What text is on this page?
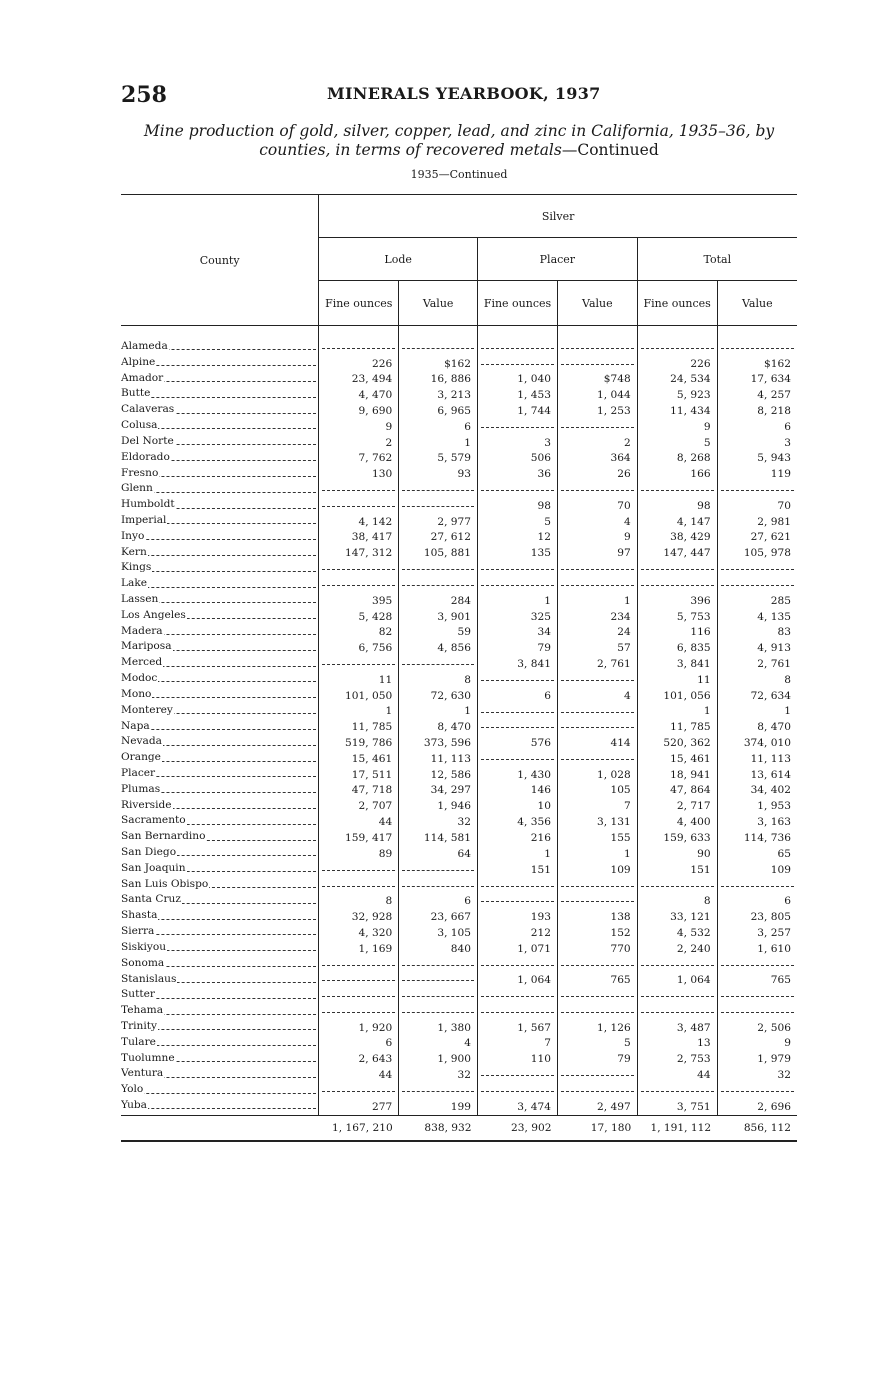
258	MINERALS YEARBOOK, 1937
Mine production of gold, silver, copper, lead, and zinc in California, 1935–36, by counties, in terms of recovered metals—Continued
1935—Continued
County	Silver					
	Lode		Placer		Total	
	Fine ounces	Value	Fine ounces	Value	Fine ounces	Value

Alameda						
Alpine	226	$162			226	$162
Amador	23, 494	16, 886	1, 040	$748	24, 534	17, 634
Butte	4, 470	3, 213	1, 453	1, 044	5, 923	4, 257
Calaveras	9, 690	6, 965	1, 744	1, 253	11, 434	8, 218
Colusa	9	6			9	6
Del Norte	2	1	3	2	5	3
Eldorado	7, 762	5, 579	506	364	8, 268	5, 943
Fresno	130	93	36	26	166	119
Glenn						
Humboldt			98	70	98	70
Imperial	4, 142	2, 977	5	4	4, 147	2, 981
Inyo	38, 417	27, 612	12	9	38, 429	27, 621
Kern	147, 312	105, 881	135	97	147, 447	105, 978
Kings						
Lake						
Lassen	395	284	1	1	396	285
Los Angeles	5, 428	3, 901	325	234	5, 753	4, 135
Madera	82	59	34	24	116	83
Mariposa	6, 756	4, 856	79	57	6, 835	4, 913
Merced			3, 841	2, 761	3, 841	2, 761
Modoc	11	8			11	8
Mono	101, 050	72, 630	6	4	101, 056	72, 634
Monterey	1	1			1	1
Napa	11, 785	8, 470			11, 785	8, 470
Nevada	519, 786	373, 596	576	414	520, 362	374, 010
Orange	15, 461	11, 113			15, 461	11, 113
Placer	17, 511	12, 586	1, 430	1, 028	18, 941	13, 614
Plumas	47, 718	34, 297	146	105	47, 864	34, 402
Riverside	2, 707	1, 946	10	7	2, 717	1, 953
Sacramento	44	32	4, 356	3, 131	4, 400	3, 163
San Bernardino	159, 417	114, 581	216	155	159, 633	114, 736
San Diego	89	64	1	1	90	65
San Joaquin			151	109	151	109
San Luis Obispo						
Santa Cruz	8	6			8	6
Shasta	32, 928	23, 667	193	138	33, 121	23, 805
Sierra	4, 320	3, 105	212	152	4, 532	3, 257
Siskiyou	1, 169	840	1, 071	770	2, 240	1, 610
Sonoma						
Stanislaus			1, 064	765	1, 064	765
Sutter						
Tehama						
Trinity	1, 920	1, 380	1, 567	1, 126	3, 487	2, 506
Tulare	6	4	7	5	13	9
Tuolumne	2, 643	1, 900	110	79	2, 753	1, 979
Ventura	44	32			44	32
Yolo						
Yuba	277	199	3, 474	2, 497	3, 751	2, 696
	1, 167, 210	838, 932	23, 902	17, 180	1, 191, 112	856, 112
